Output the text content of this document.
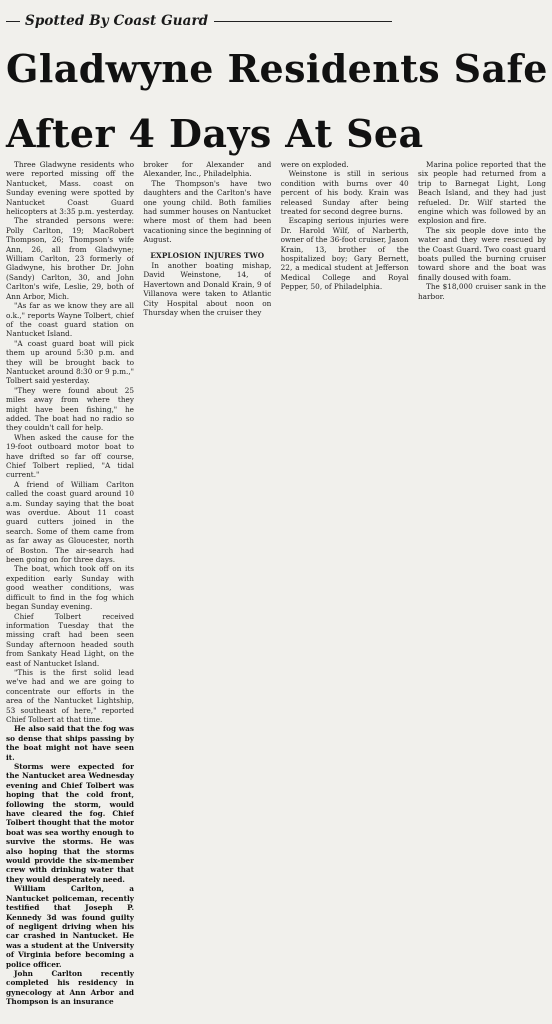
Spotted By Coast Guard
Gladwyne Residents Safe
After 4 Days At Sea

Three Gladwyne residents who were reported missing off the Nantucket, Mass. coast on Sunday evening were spotted by Nantucket Coast Guard helicopters at 3:35 p.m. yesterday.

The stranded persons were: Polly Carlton, 19; MacRobert Thompson, 26; Thompson's wife Ann, 26, all from Gladwyne; William Carlton, 23 formerly of Gladwyne, his brother Dr. John (Sandy) Carlton, 30, and John Carlton's wife, Leslie, 29, both of Ann Arbor, Mich.

"As far as we know they are all o.k.," reports Wayne Tolbert, chief of the coast guard station on Nantucket Island.

"A coast guard boat will pick them up around 5:30 p.m. and they will be brought back to Nantucket around 8:30 or 9 p.m.," Tolbert said yesterday.

"They were found about 25 miles away from where they might have been fishing," he added. The boat had no radio so they couldn't call for help.

When asked the cause for the 19-foot outboard motor boat to have drifted so far off course, Chief Tolbert replied, "A tidal current."

A friend of William Carlton called the coast guard around 10 a.m. Sunday saying that the boat was overdue. About 11 coast guard cutters joined in the search. Some of them came from as far away as Gloucester, north of Boston. The air-search had been going on for three days.

The boat, which took off on its expedition early Sunday with good weather conditions, was difficult to find in the fog which began Sunday evening.

Chief Tolbert received information Tuesday that the missing craft had been seen Sunday afternoon headed south from Sankaty Head Light, on the east of Nantucket Island.

"This is the first solid lead we've had and we are going to concentrate our efforts in the area of the Nantucket Lightship, 53 southeast of here," reported Chief Tolbert at that time.

He also said that the fog was so dense that ships passing by the boat might not have seen it.

Storms were expected for the Nantucket area Wednesday evening and Chief Tolbert was hoping that the cold front, following the storm, would have cleared the fog. Chief Tolbert thought that the motor boat was sea worthy enough to survive the storms. He was also hoping that the storms would provide the six-member crew with drinking water that they would desperately need.

William Carlton, a Nantucket policeman, recently testified that Joseph P. Kennedy 3d was found guilty of negligent driving when his car crashed in Nantucket. He was a student at the University of Virginia before becoming a police officer.

John Carlton recently completed his residency in gynecology at Ann Arbor and Thompson is an insurance

broker for Alexander and Alexander, Inc., Philadelphia.

The Thompson's have two daughters and the Carlton's have one young child. Both families had summer houses on Nantucket where most of them had been vacationing since the beginning of August.

EXPLOSION INJURES TWO

In another boating mishap, David Weinstone, 14, of Havertown and Donald Krain, 9 of Villanova were taken to Atlantic City Hospital about noon on Thursday when the cruiser they

were on exploded.

Weinstone is still in serious condition with burns over 40 percent of his body. Krain was released Sunday after being treated for second degree burns.

Escaping serious injuries were Dr. Harold Wilf, of Narberth, owner of the 36-foot cruiser, Jason Krain, 13, brother of the hospitalized boy; Gary Bernett, 22, a medical student at Jefferson Medical College and Royal Pepper, 50, of Philadelphia.

Marina police reported that the six people had returned from a trip to Barnegat Light, Long Beach Island, and they had just refueled. Dr. Wilf started the engine which was followed by an explosion and fire.

The six people dove into the water and they were rescued by the Coast Guard. Two coast guard boats pulled the burning cruiser toward shore and the boat was finally doused with foam.

The $18,000 cruiser sank in the harbor.
